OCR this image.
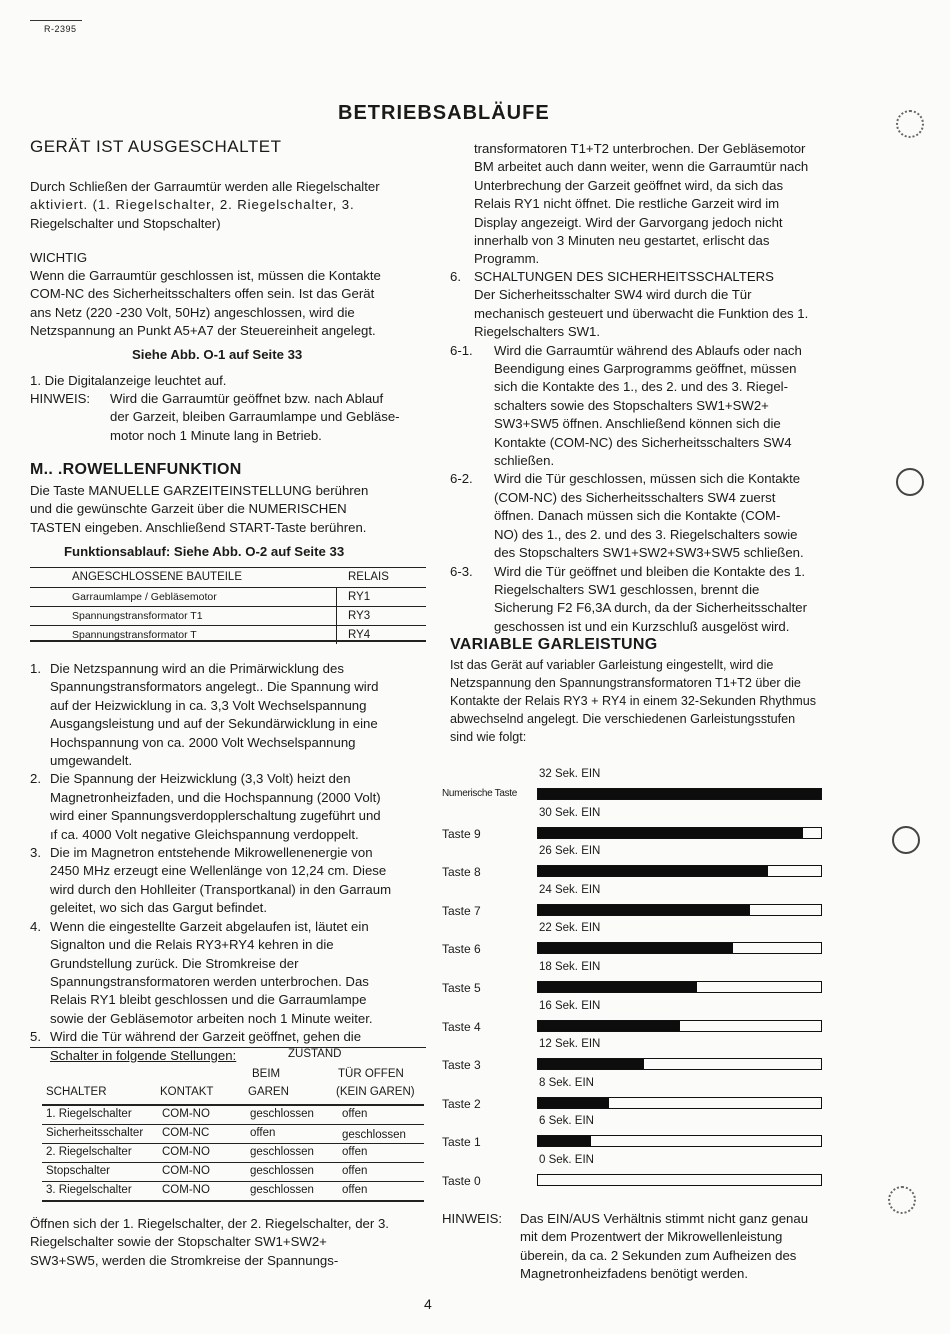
R-2395
BETRIEBSABLÄUFE
GERÄT IST AUSGESCHALTET
Durch Schließen der Garraumtür werden alle Riegelschalter
aktiviert. (1. Riegelschalter, 2. Riegelschalter, 3.
Riegelschalter und Stopschalter)
WICHTIG
Wenn die Garraumtür geschlossen ist, müssen die Kontakte
COM-NC des Sicherheitsschalters offen sein. Ist das Gerät
ans Netz (220 -230 Volt, 50Hz) angeschlossen, wird die
Netzspannung an Punkt A5+A7 der Steuereinheit angelegt.
Siehe Abb. O-1 auf Seite 33
1. Die Digitalanzeige leuchtet auf.
HINWEIS: Wird die Garraumtür geöffnet bzw. nach Ablauf
der Garzeit, bleiben Garraumlampe und Gebläse-
motor noch 1 Minute lang in Betrieb.
M.. .ROWELLENFUNKTION
Die Taste MANUELLE GARZEITEINSTELLUNG berühren
und die gewünschte Garzeit über die NUMERISCHEN
TASTEN eingeben. Anschließend START-Taste berühren.
Funktionsablauf: Siehe Abb. O-2 auf Seite 33
ANGESCHLOSSENE BAUTEILE	RELAIS
Garraumlampe / Gebläsemotor	RY1
Spannungstransformator T1	RY3
Spannungstransformator T	RY4
1. Die Netzspannung wird an die Primärwicklung des
Spannungstransformators angelegt.. Die Spannung wird
auf der Heizwicklung in ca. 3,3 Volt Wechselspannung
Ausgangsleistung und auf der Sekundärwicklung in eine
Hochspannung von ca. 2000 Volt Wechselspannung
umgewandelt.
2. Die Spannung der Heizwicklung (3,3 Volt) heizt den
Magnetronheizfaden, und die Hochspannung (2000 Volt)
wird einer Spannungsverdopplerschaltung zugeführt und
ıf ca. 4000 Volt negative Gleichspannung verdoppelt.
3. Die im Magnetron entstehende Mikrowellenenergie von
2450 MHz erzeugt eine Wellenlänge von 12,24 cm. Diese
wird durch den Hohlleiter (Transportkanal) in den Garraum
geleitet, wo sich das Gargut befindet.
4. Wenn die eingestellte Garzeit abgelaufen ist, läutet ein
Signalton und die Relais RY3+RY4 kehren in die
Grundstellung zurück. Die Stromkreise der
Spannungstransformatoren werden unterbrochen. Das
Relais RY1 bleibt geschlossen und die Garraumlampe
sowie der Gebläsemotor arbeiten noch 1 Minute weiter.
5. Wird die Tür während der Garzeit geöffnet, gehen die
Schalter in folgende Stellungen:	ZUSTAND
BEIM	TÜR OFFEN
SCHALTER	KONTAKT	GAREN	(KEIN GAREN)
1. Riegelschalter	COM-NO	geschlossen offen
Sicherheitsschalter COM-NC	offen	geschlossen
2. Riegelschalter	COM-NO	geschlossen offen
Stopschalter	COM-NO	geschlossen offen
3. Riegelschalter	COM-NO	geschlossen offen
Öffnen sich der 1. Riegelschalter, der 2. Riegelschalter, der 3.
Riegelschalter sowie der Stopschalter SW1+SW2+
SW3+SW5, werden die Stromkreise der Spannungs-
transformatoren T1+T2 unterbrochen. Der Gebläsemotor
BM arbeitet auch dann weiter, wenn die Garraumtür nach
Unterbrechung der Garzeit geöffnet wird, da sich das
Relais RY1 nicht öffnet. Die restliche Garzeit wird im
Display angezeigt. Wird der Garvorgang jedoch nicht
innerhalb von 3 Minuten neu gestartet, erlischt das
Programm.
6. SCHALTUNGEN DES SICHERHEITSSCHALTERS
Der Sicherheitsschalter SW4 wird durch die Tür
mechanisch gesteuert und überwacht die Funktion des 1.
Riegelschalters SW1.
6-1. Wird die Garraumtür während des Ablaufs oder nach
Beendigung eines Garprogramms geöffnet, müssen
sich die Kontakte des 1., des 2. und des 3. Riegel-
schalters sowie des Stopschalters SW1+SW2+
SW3+SW5 öffnen. Anschließend können sich die
Kontakte (COM-NC) des Sicherheitsschalters SW4
schließen.
6-2. Wird die Tür geschlossen, müssen sich die Kontakte
(COM-NC) des Sicherheitsschalters SW4 zuerst
öffnen. Danach müssen sich die Kontakte (COM-
NO) des 1., des 2. und des 3. Riegelschalters sowie
des Stopschalters SW1+SW2+SW3+SW5 schließen.
6-3. Wird die Tür geöffnet und bleiben die Kontakte des 1.
Riegelschalters SW1 geschlossen, brennt die
Sicherung F2 F6,3A durch, da der Sicherheitsschalter
geschossen ist und ein Kurzschluß ausgelöst wird.
VARIABLE GARLEISTUNG
Ist das Gerät auf variabler Garleistung eingestellt, wird die
Netzspannung den Spannungstransformatoren T1+T2 über die
Kontakte der Relais RY3 + RY4 in einem 32-Sekunden Rhythmus
abwechselnd angelegt. Die verschiedenen Garleistungsstufen
sind wie folgt:
32 Sek. EIN
Numerische Taste
30 Sek. EIN
Taste 9
26 Sek. EIN
Taste 8
24 Sek. EIN
Taste 7
22 Sek. EIN
Taste 6
18 Sek. EIN
Taste 5
16 Sek. EIN
Taste 4
12 Sek. EIN
Taste 3
8 Sek. EIN
Taste 2
6 Sek. EIN
Taste 1
0 Sek. EIN
Taste 0
HINWEIS: Das EIN/AUS Verhältnis stimmt nicht ganz genau
mit dem Prozentwert der Mikrowellenleistung
überein, da ca. 2 Sekunden zum Aufheizen des
Magnetronheizfadens benötigt werden.
4
